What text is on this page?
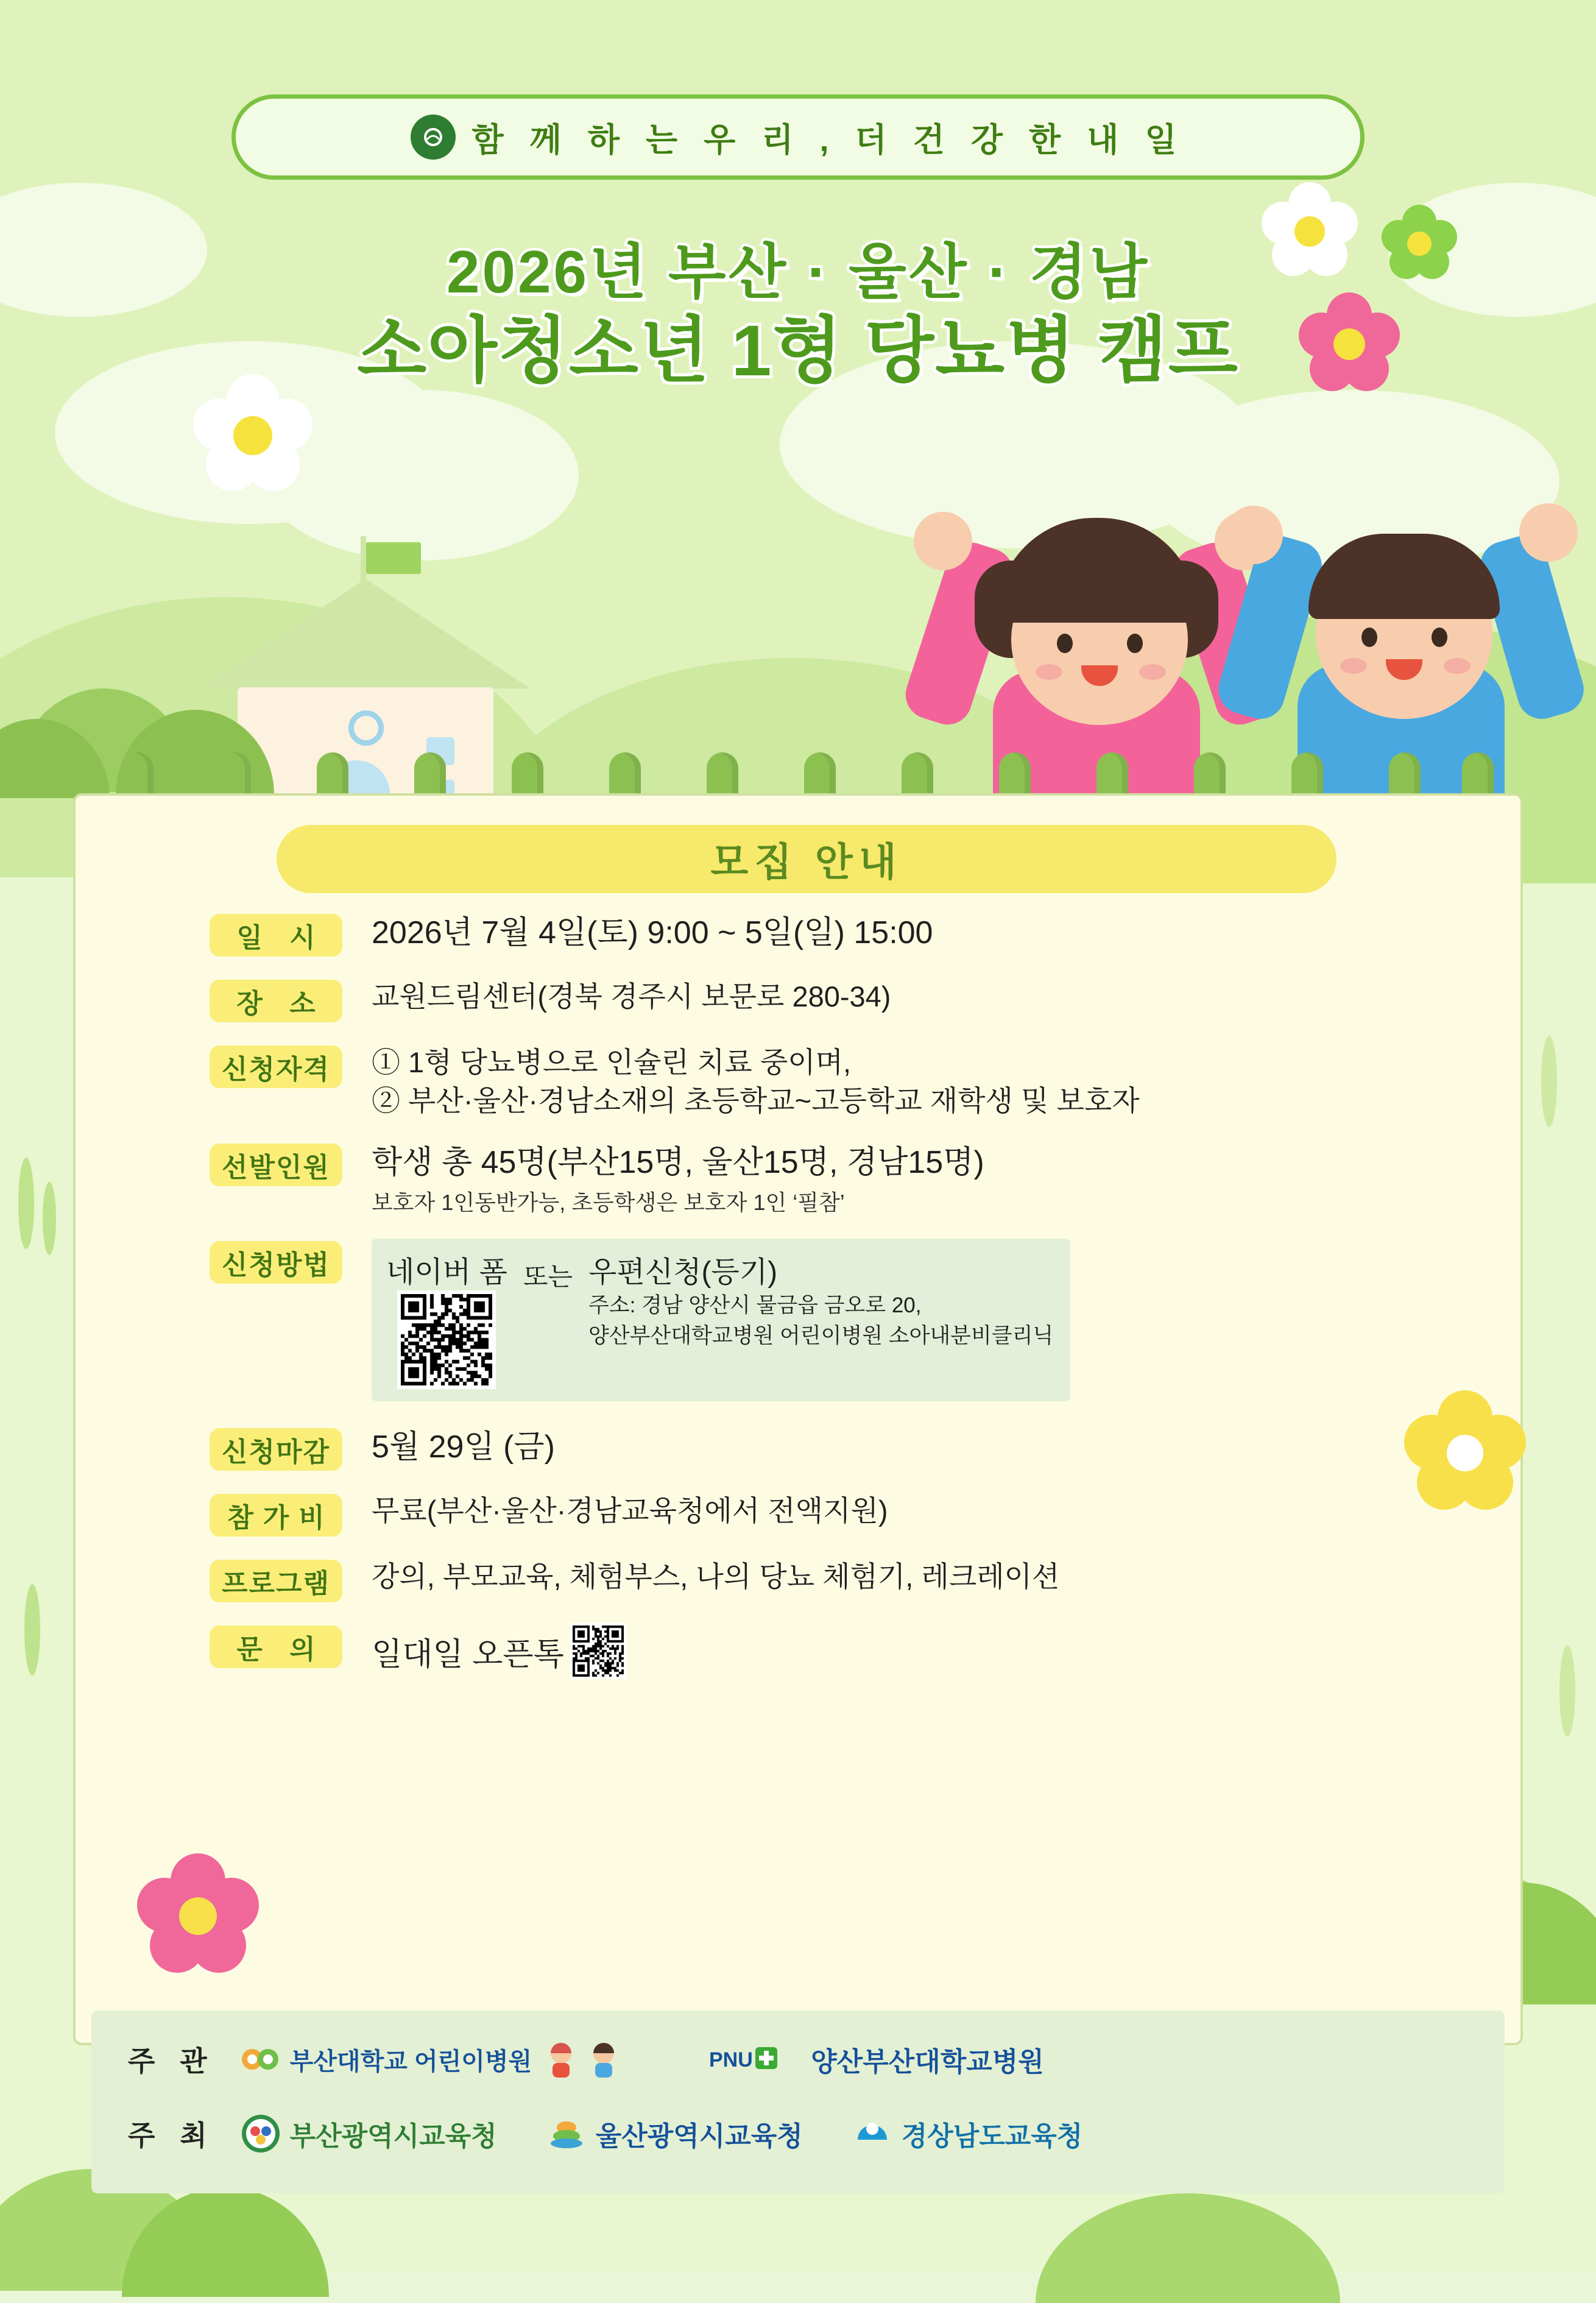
함 께 하 는 우 리 , 더 건 강 한 내 일
2026년 부산 · 울산 · 경남
소아청소년 1형 당뇨병 캠프
모집 안내
일 시	2026년 7월 4일(토) 9:00 ~ 5일(일) 15:00
장 소	교원드림센터(경북 경주시 보문로 280-34)
신청자격	① 1형 당뇨병으로 인슐린 치료 중이며,
② 부산·울산·경남소재의 초등학교~고등학교 재학생 및 보호자
선발인원	학생 총 45명(부산15명, 울산15명, 경남15명)
보호자 1인동반가능, 초등학생은 보호자 1인 ‘필참’
신청방법	네이버 폼 또는 우편신청(등기)
주소: 경남 양산시 물금읍 금오로 20,
양산부산대학교병원 어린이병원 소아내분비클리닉
신청마감	5월 29일 (금)
참가비 무료(부산·울산·경남교육청에서 전액지원)
프로그램	강의, 부모교육, 체험부스, 나의 당뇨 체험기, 레크레이션
문 의	일대일 오픈톡
주 관	부산대학교 어린이병원	PNU 양산부산대학교병원
주 최	부산광역시교육청	울산광역시교육청	경상남도교육청
